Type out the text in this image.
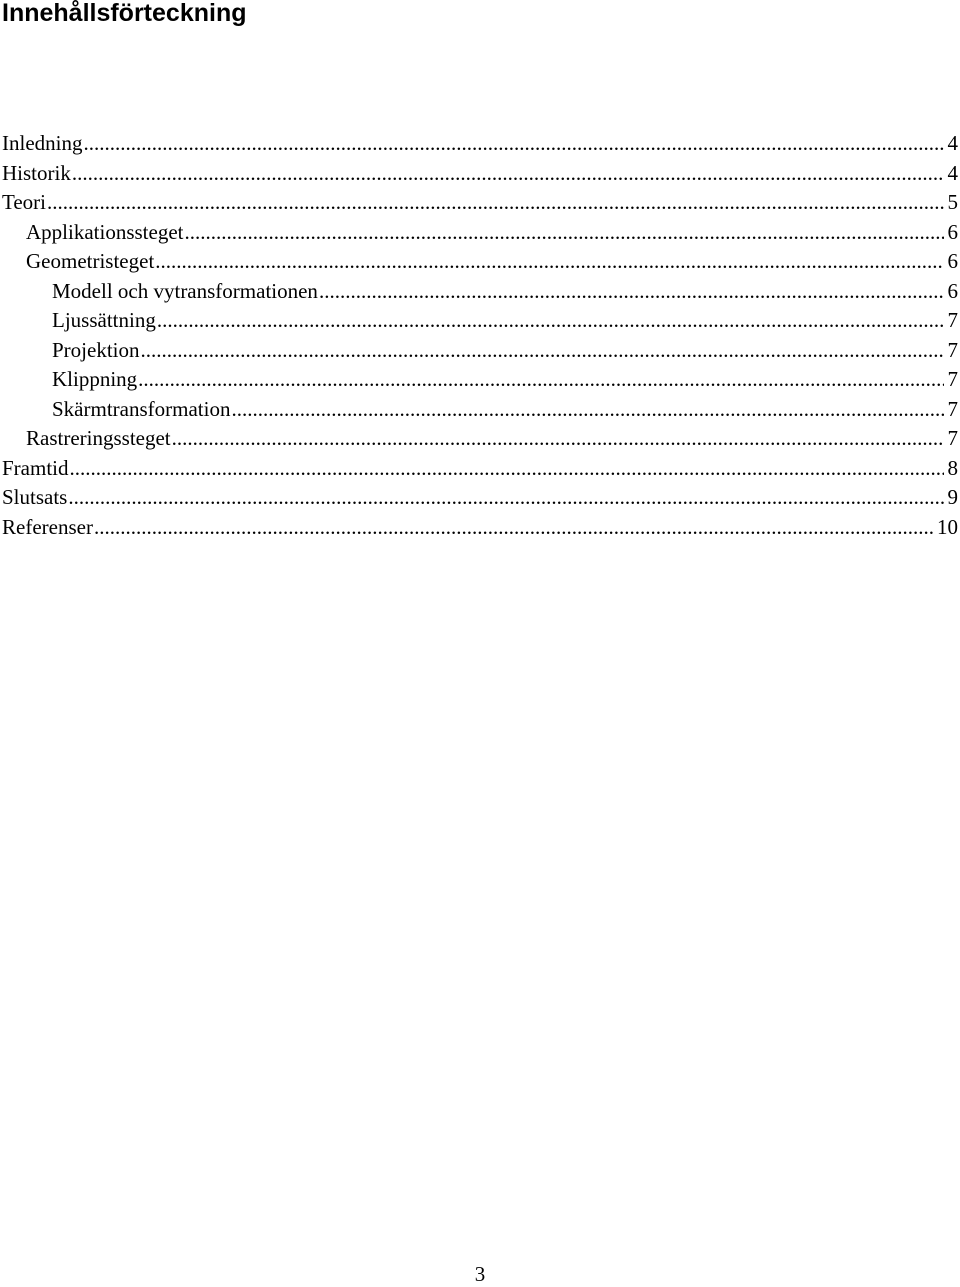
Innehållsförteckning
Inledning .....	4
Historik .....	4
Teori .....	5
Applikationssteget .....	6
Geometristeget .....	6
Modell och vytransformationen .....	6
Ljussättning .....	7
Projektion .....	7
Klippning .....	7
Skärmtransformation .....	7
Rastreringssteget .....	7
Framtid .....	8
Slutsats .....	9
Referenser .....	10
3
